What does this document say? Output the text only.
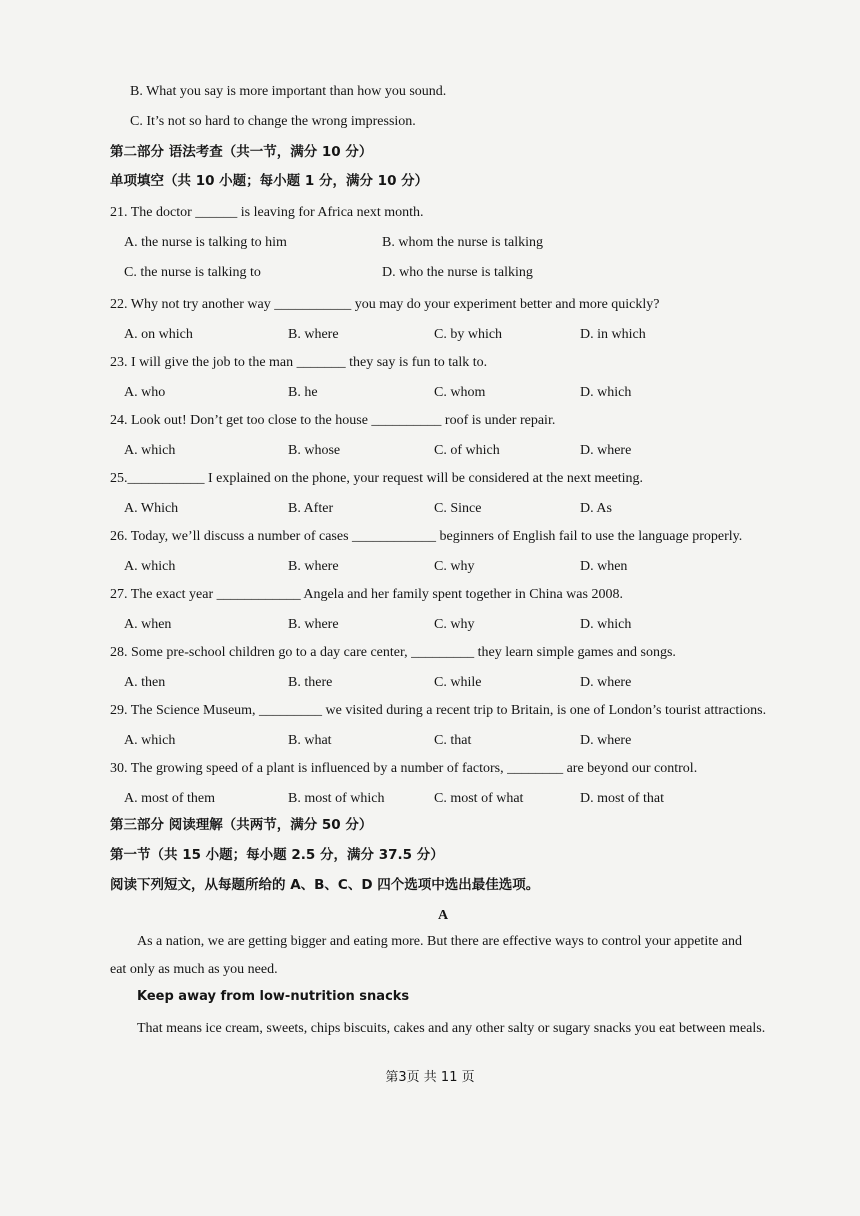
B. What you say is more important than how you sound.
C. It’s not so hard to change the wrong impression.
第二部分 语法考查（共一节，满分 10 分）
单项填空（共 10 小题；每小题 1 分，满分 10 分）
21. The doctor ______ is leaving for Africa next month.
A. the nurse is talking to him	B. whom the nurse is talking
C. the nurse is talking to	D. who the nurse is talking
22. Why not try another way ___________ you may do your experiment better and more quickly?
A. on which	B. where	C. by which	D. in which
23. I will give the job to the man _______ they say is fun to talk to.
A. who	B. he	C. whom	D. which
24. Look out! Don’t get too close to the house __________ roof is under repair.
A. which	B. whose	C. of which	D. where
25.___________ I explained on the phone, your request will be considered at the next meeting.
A. Which	B. After	C. Since	D. As
26. Today, we’ll discuss a number of cases ____________ beginners of English fail to use the language properly.
A. which	B. where	C. why	D. when
27. The exact year ____________ Angela and her family spent together in China was 2008.
A. when	B. where	C. why	D. which
28. Some pre-school children go to a day care center, _________ they learn simple games and songs.
A. then	B. there	C. while	D. where
29. The Science Museum, _________ we visited during a recent trip to Britain, is one of London’s tourist attractions.
A. which	B. what	C. that	D. where
30. The growing speed of a plant is influenced by a number of factors, ________ are beyond our control.
A. most of them	B. most of which	C. most of what	D. most of that
第三部分 阅读理解（共两节，满分 50 分）
第一节（共 15 小题；每小题 2.5 分，满分 37.5 分）
阅读下列短文，从每题所给的 A、B、C、D 四个选项中选出最佳选项。
A
As a nation, we are getting bigger and eating more. But there are effective ways to control your appetite and
eat only as much as you need.
Keep away from low-nutrition snacks
That means ice cream, sweets, chips biscuits, cakes and any other salty or sugary snacks you eat between meals.
第3页 共 11 页
